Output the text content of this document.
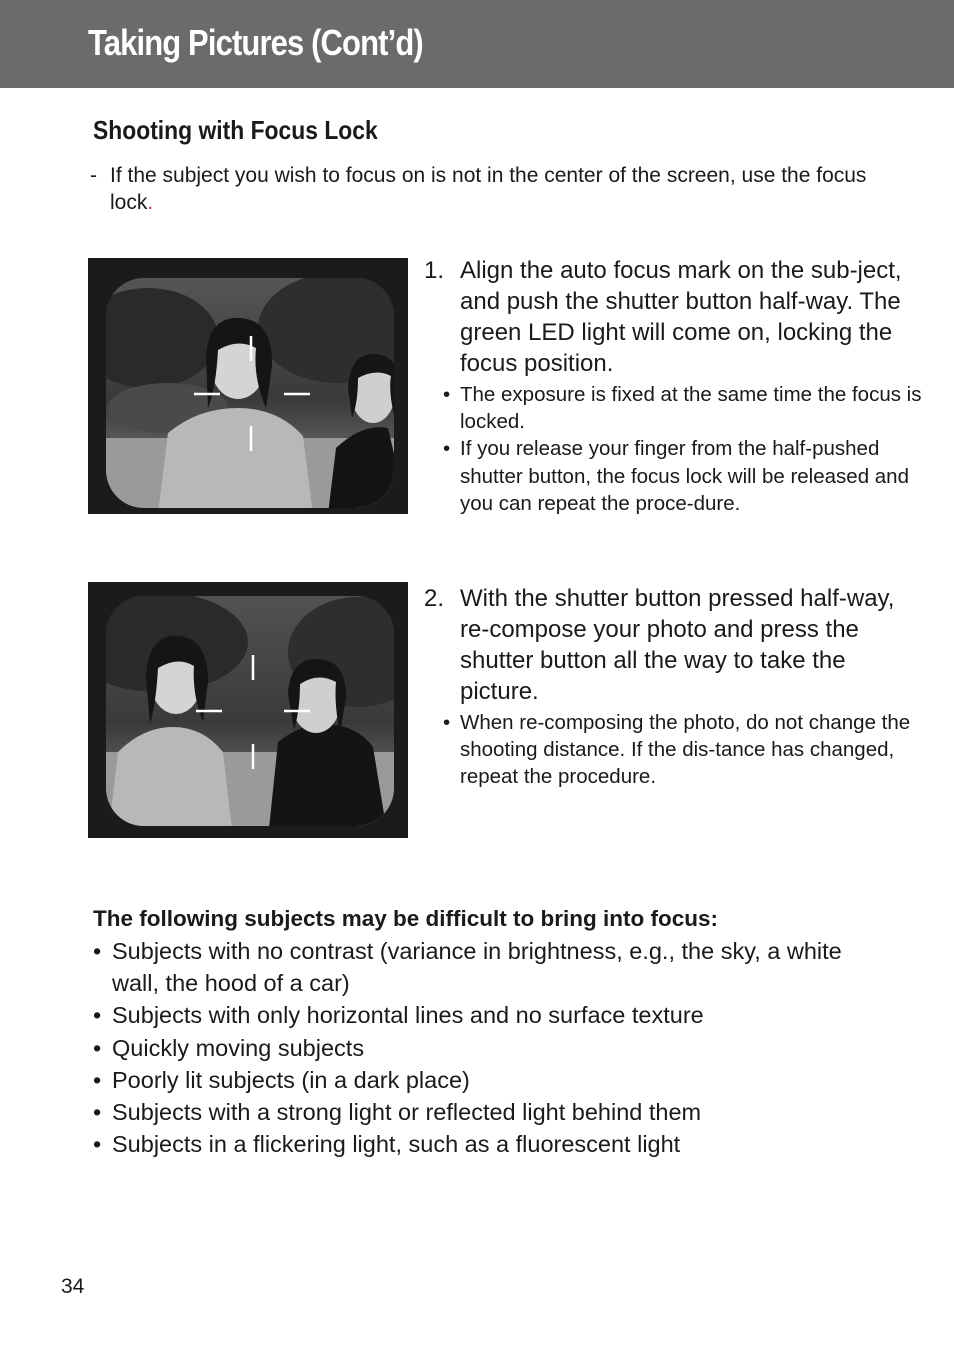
Taking Pictures (Cont’d)
Shooting with Focus Lock
- If the subject you wish to focus on is not in the center of the screen, use the focus lock.
1. Align the auto focus mark on the sub-ject, and push the shutter button half-way. The green LED light will come on, locking the focus position.
• The exposure is fixed at the same time the focus is locked.
• If you release your finger from the half-pushed shutter button, the focus lock will be released and you can repeat the proce-dure.
2. With the shutter button pressed half-way, re-compose your photo and press the shutter button all the way to take the picture.
• When re-composing the photo, do not change the shooting distance. If the dis-tance has changed, repeat the procedure.
The following subjects may be difficult to bring into focus:
• Subjects with no contrast (variance in brightness, e.g., the sky, a white wall, the hood of a car)
• Subjects with only horizontal lines and no surface texture
• Quickly moving subjects
• Poorly lit subjects (in a dark place)
• Subjects with a strong light or reflected light behind them
• Subjects in a flickering light, such as a fluorescent light
34
